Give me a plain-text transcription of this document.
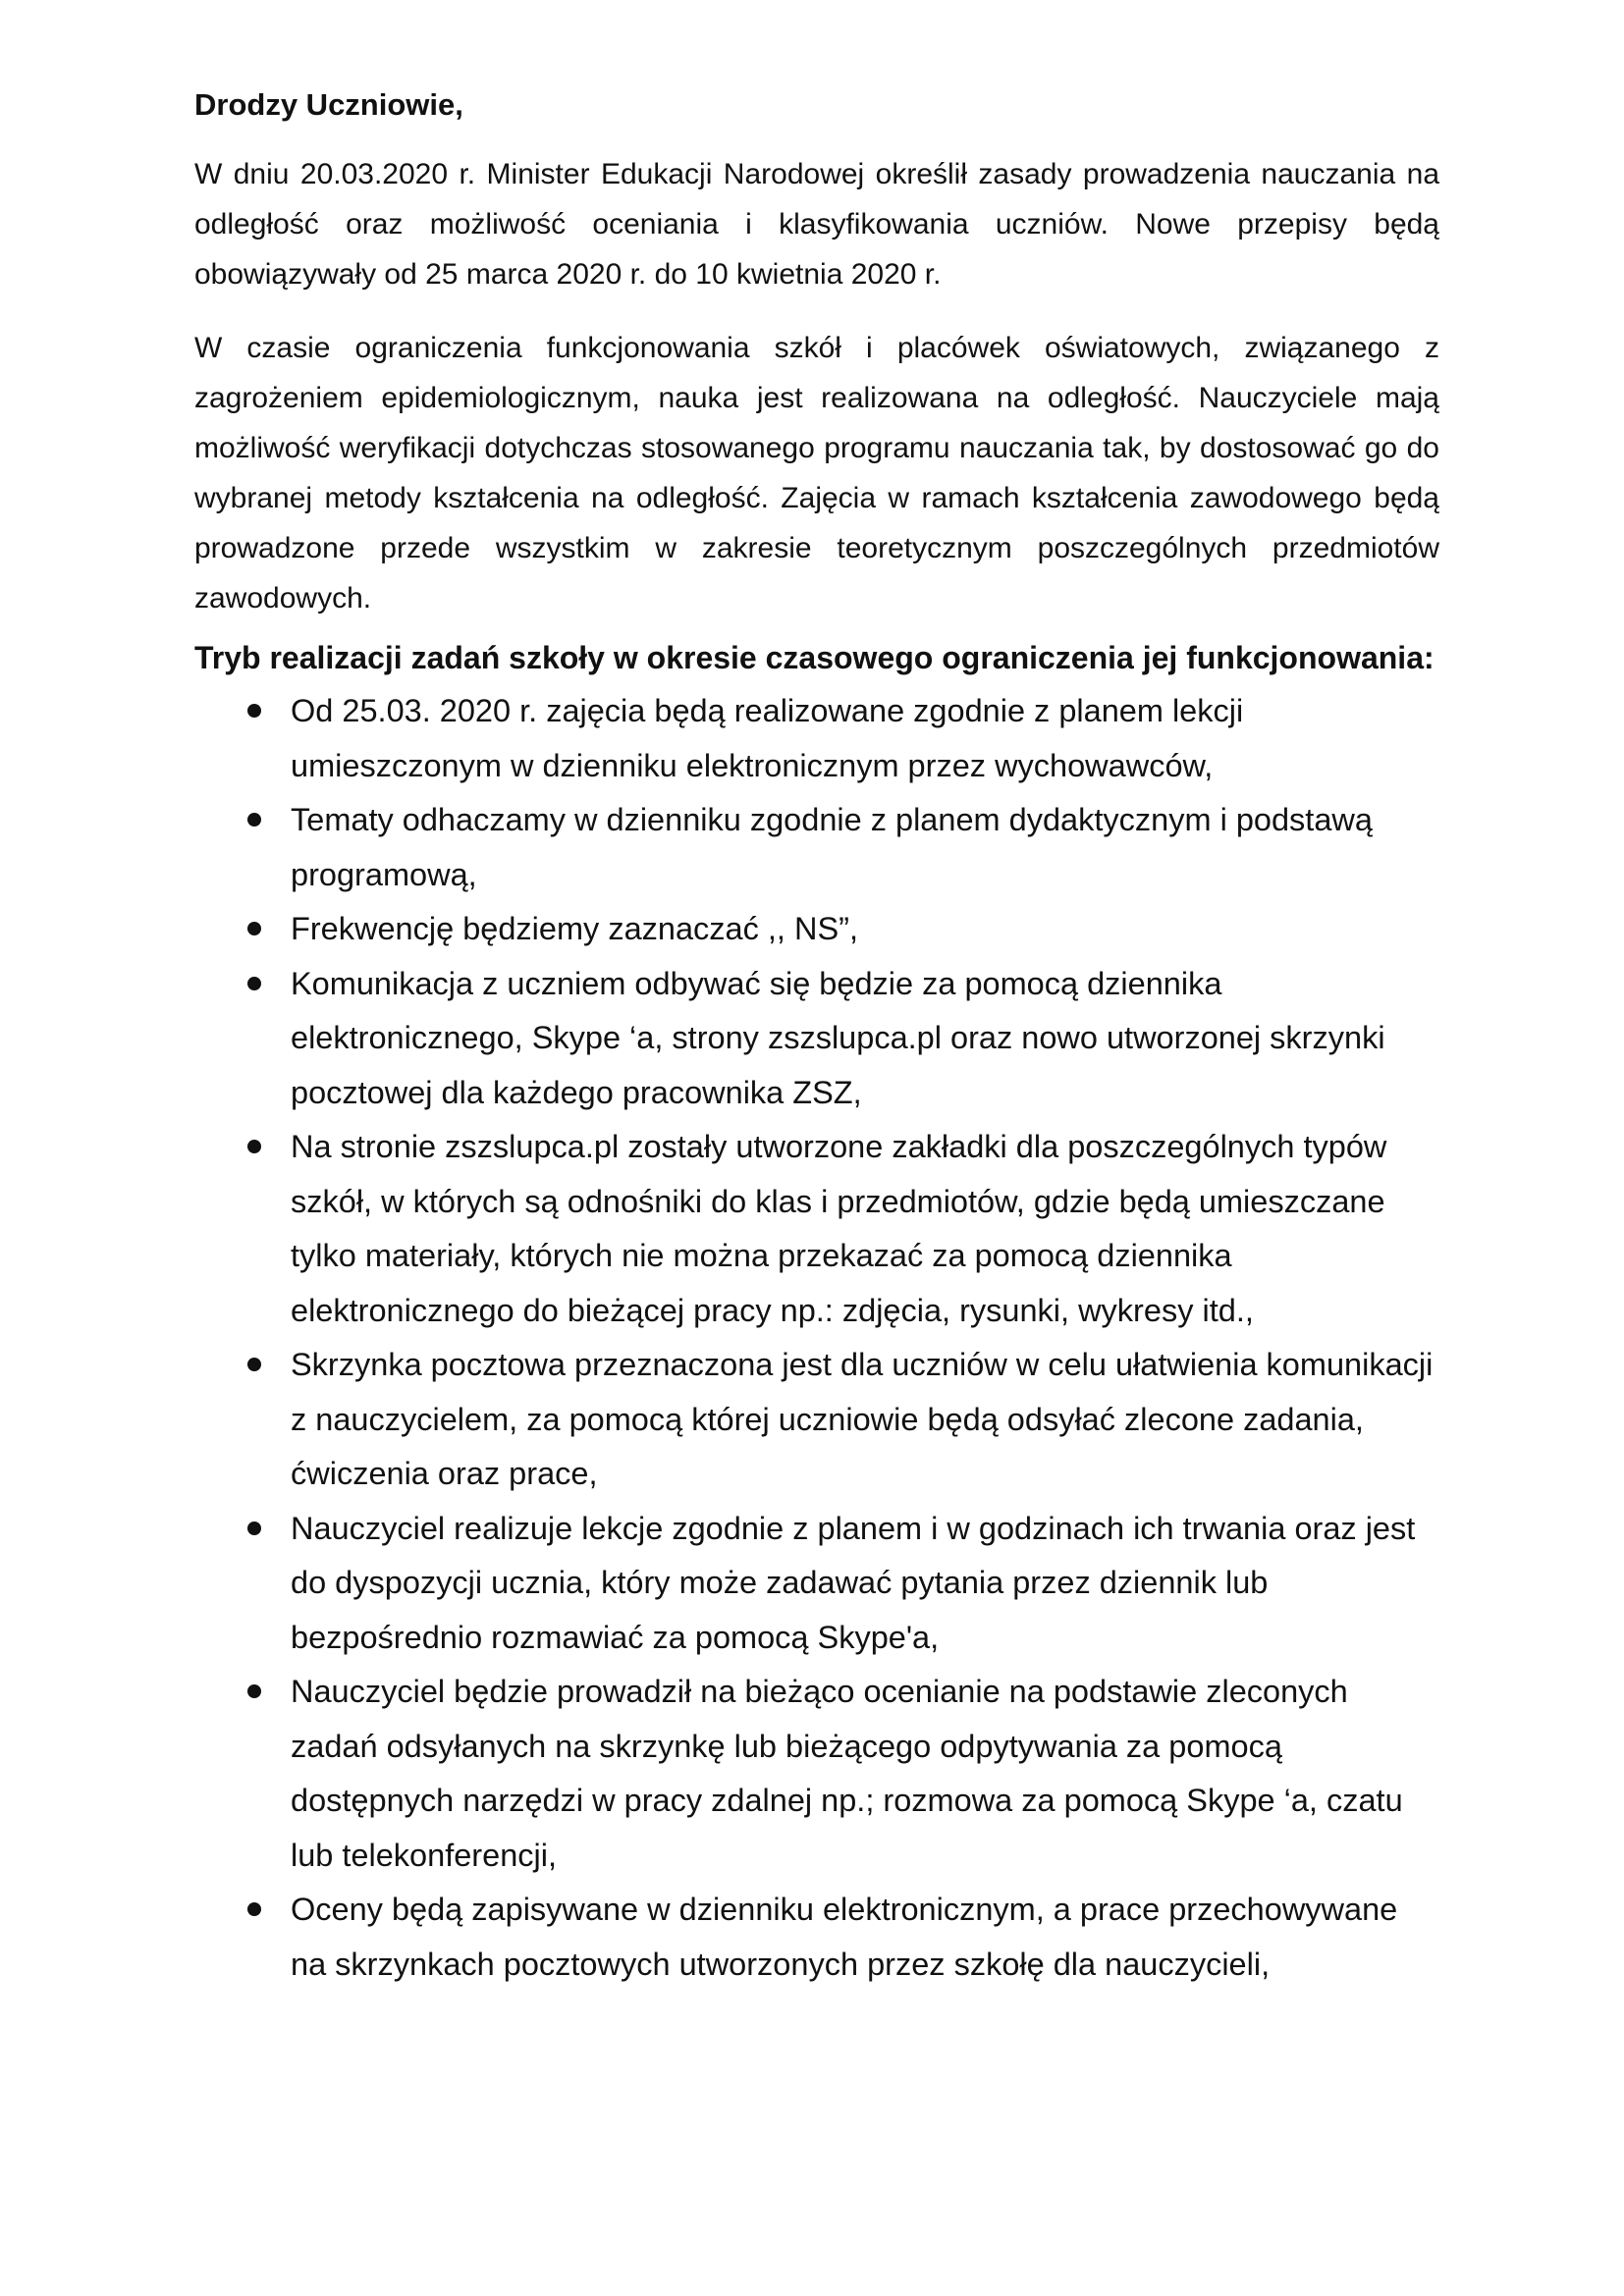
Drodzy Uczniowie,

W dniu 20.03.2020 r. Minister Edukacji Narodowej określił zasady prowadzenia nauczania na odległość oraz możliwość oceniania i klasyfikowania uczniów. Nowe przepisy będą obowiązywały od 25 marca 2020 r. do 10 kwietnia 2020 r.

W czasie ograniczenia funkcjonowania szkół i placówek oświatowych, związanego z zagrożeniem epidemiologicznym, nauka jest realizowana na odległość. Nauczyciele mają możliwość weryfikacji dotychczas stosowanego programu nauczania tak, by dostosować go do wybranej metody kształcenia na odległość. Zajęcia w ramach kształcenia zawodowego będą prowadzone przede wszystkim w zakresie teoretycznym poszczególnych przedmiotów zawodowych.

Tryb realizacji zadań szkoły w okresie czasowego ograniczenia jej funkcjonowania:
Od 25.03. 2020 r. zajęcia będą realizowane zgodnie z planem lekcji umieszczonym w dzienniku elektronicznym przez wychowawców,
Tematy odhaczamy w dzienniku zgodnie z planem dydaktycznym i podstawą programową,
Frekwencję będziemy zaznaczać ,, NS”,
Komunikacja z uczniem odbywać się będzie za pomocą dziennika elektronicznego, Skype ‘a, strony zszslupca.pl oraz nowo utworzonej skrzynki pocztowej dla każdego pracownika ZSZ,
Na stronie zszslupca.pl zostały utworzone zakładki dla poszczególnych typów szkół, w których są odnośniki do klas i przedmiotów, gdzie będą umieszczane tylko materiały, których nie można przekazać za pomocą dziennika elektronicznego do bieżącej pracy np.: zdjęcia, rysunki, wykresy itd.,
Skrzynka pocztowa przeznaczona jest dla uczniów w celu ułatwienia komunikacji z nauczycielem, za pomocą której uczniowie będą odsyłać zlecone zadania, ćwiczenia oraz prace,
Nauczyciel realizuje lekcje zgodnie z planem i w godzinach ich trwania oraz jest do dyspozycji ucznia, który może zadawać pytania przez dziennik lub bezpośrednio rozmawiać za pomocą Skype'a,
Nauczyciel będzie prowadził na bieżąco ocenianie na podstawie zleconych zadań odsyłanych na skrzynkę lub bieżącego odpytywania za pomocą dostępnych narzędzi w pracy zdalnej np.; rozmowa za pomocą Skype ‘a, czatu lub telekonferencji,
Oceny będą zapisywane w dzienniku elektronicznym, a prace przechowywane na skrzynkach pocztowych utworzonych przez szkołę dla nauczycieli,
